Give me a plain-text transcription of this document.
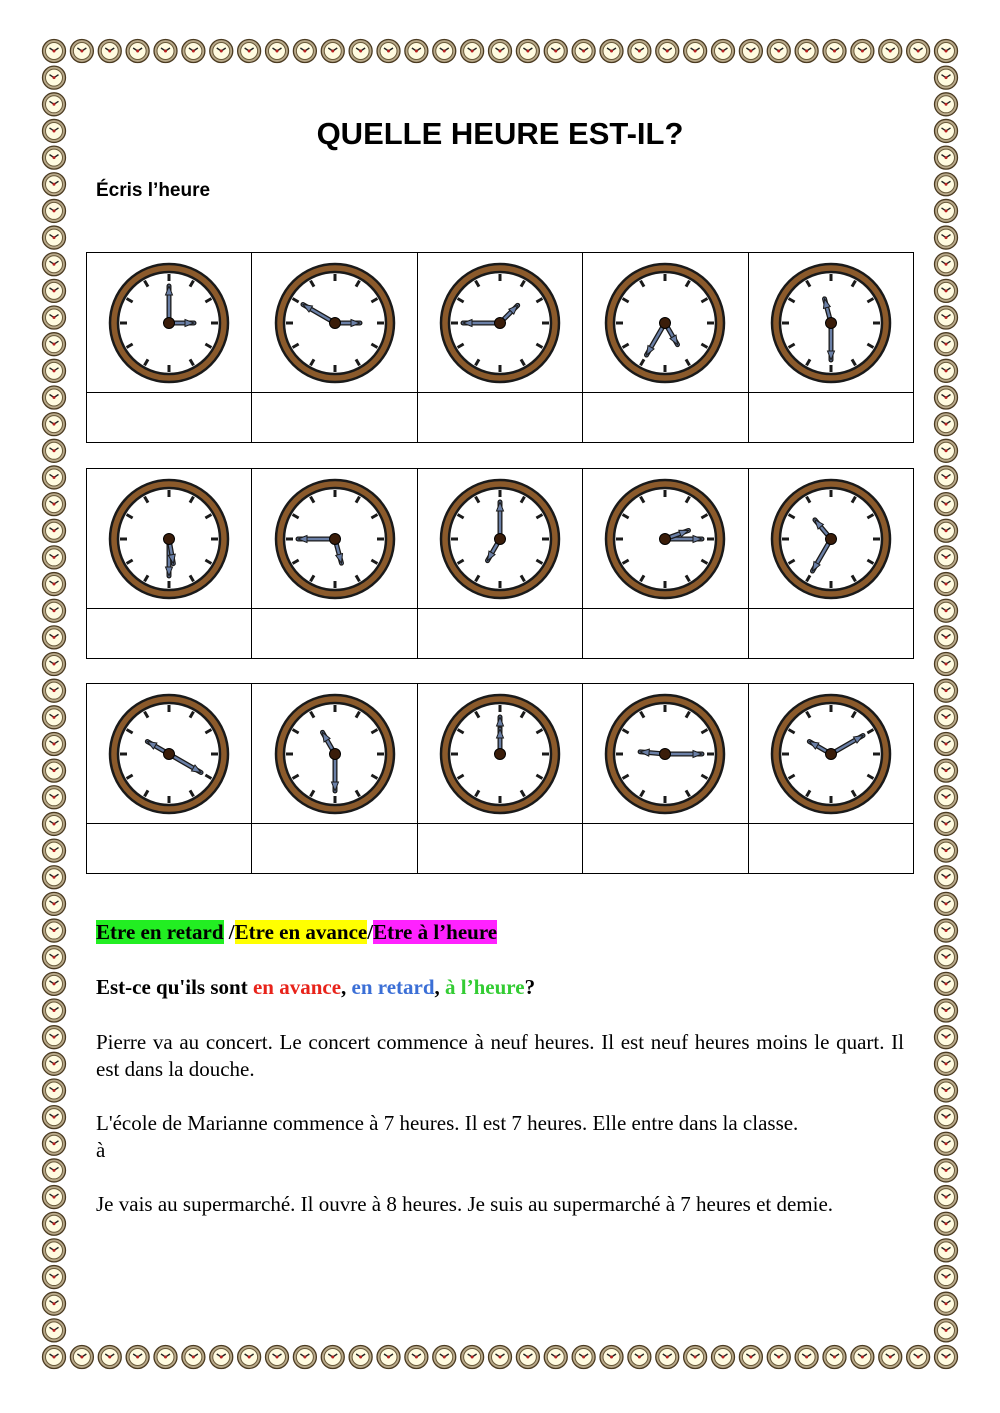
QUELLE HEURE EST-IL?

Écris l’heure

Etre en retard /Etre en avance/Etre à l’heure

Est-ce qu'ils sont en avance, en retard, à l’heure?

Pierre va au concert. Le concert commence à neuf heures. Il est neuf heures moins le quart. Il est dans la douche.

L'école de Marianne commence à 7 heures. Il est 7 heures. Elle entre dans la classe.
à

Je vais au supermarché. Il ouvre à 8 heures. Je suis au supermarché à 7 heures et demie.
